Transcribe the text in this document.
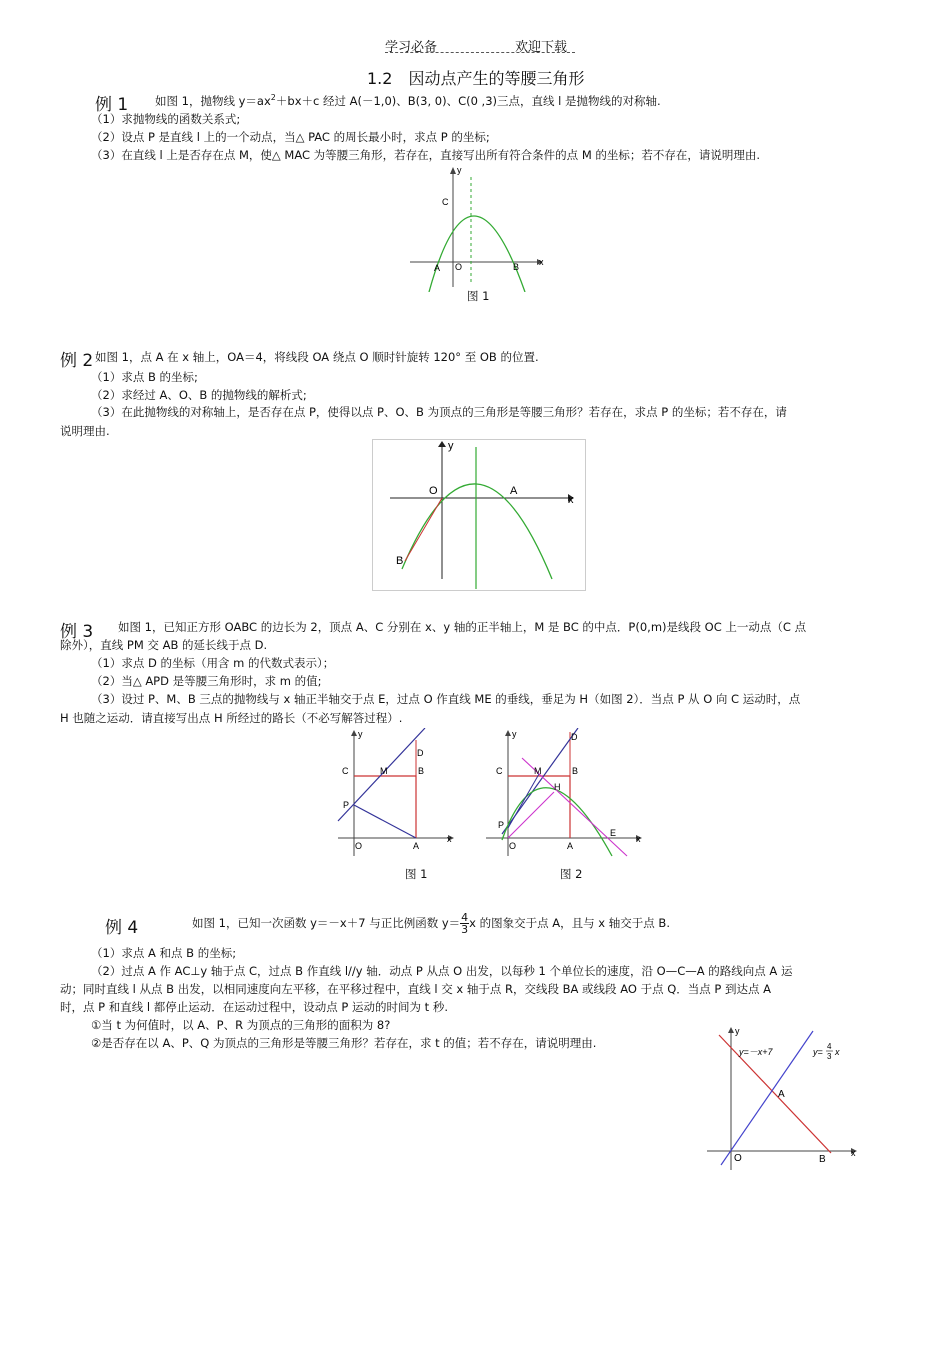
学习必备	欢迎下载
1.2　因动点产生的等腰三角形
例 1 如图 1，抛物线 $y=ax^2+bx+c$ 经过 A(－1,0)、B(3, 0)、C(0 ,3)三点，直线 l 是抛物线的对称轴.
（1）求抛物线的函数关系式;
（2）设点 P 是直线 l 上的一个动点，当△ PAC 的周长最小时，求点 P 的坐标;
（3）在直线 l 上是否存在点 M，使△ MAC 为等腰三角形，若存在，直接写出所有符合条件的点 M 的坐标；若不存在，请说明理由.
y
x
C
A O	B
图 1
例 2 如图 1，点 A 在 x 轴上，OA＝4，将线段 OA 绕点 O 顺时针旋转 120° 至 OB 的位置.
（1）求点 B 的坐标;
（2）求经过 A、O、B 的抛物线的解析式;
（3）在此抛物线的对称轴上，是否存在点 P，使得以点 P、O、B 为顶点的三角形是等腰三角形？若存在，求点 P 的坐标；若不存在，请
说明理由.
y
x
O	A
B
例 3 如图 1，已知正方形 OABC 的边长为 2，顶点 A、C 分别在 x、y 轴的正半轴上，M 是 BC 的中点．P(0,m)是线段 OC 上一动点（C 点
除外），直线 PM 交 AB 的延长线于点 D.
（1）求点 D 的坐标（用含 m 的代数式表示）；
（2）当△ APD 是等腰三角形时，求 m 的值;
（3）设过 P、M、B 三点的抛物线与 x 轴正半轴交于点 E，过点 O 作直线 ME 的垂线，垂足为 H（如图 2）．当点 P 从 O 向 C 运动时，点
H 也随之运动．请直接写出点 H 所经过的路长（不必写解答过程）.
y
x
C	M	B
D
P
O	A
图 1
y
x
C	M	B
D
H
P
O	A
E
图 2
例 4	如图 1，已知一次函数 y＝－x＋7 与正比例函数 $y= \frac{4}{3}$ x 的图象交于点 A，且与 x 轴交于点 B.
（1）求点 A 和点 B 的坐标;
（2）过点 A 作 AC⊥y 轴于点 C，过点 B 作直线 l//y 轴．动点 P 从点 O 出发，以每秒 1 个单位长的速度，沿 O—C—A 的路线向点 A 运
动；同时直线 l 从点 B 出发，以相同速度向左平移，在平移过程中，直线 l 交 x 轴于点 R，交线段 BA 或线段 AO 于点 Q．当点 P 到达点 A
时，点 P 和直线 l 都停止运动．在运动过程中，设动点 P 运动的时间为 t 秒.
①当 t 为何值时，以 A、P、R 为顶点的三角形的面积为 8?
②是否存在以 A、P、Q 为顶点的三角形是等腰三角形？若存在，求 t 的值；若不存在，请说明理由.
y
x
O
A
B
y=－x+7	y=
4
3 x
